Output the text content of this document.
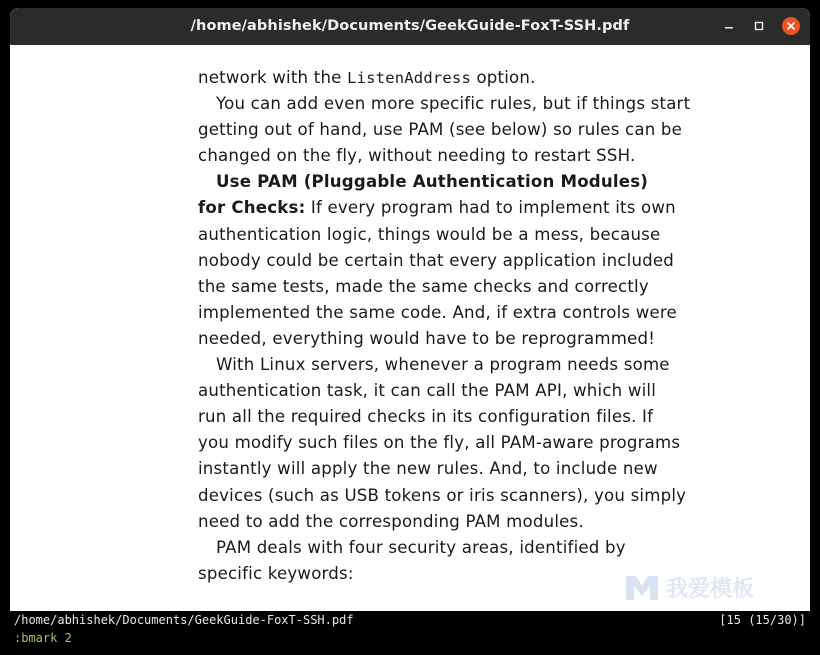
/home/abhishek/Documents/GeekGuide-FoxT-SSH.pdf
network with the ListenAddress option.
You can add even more specific rules, but if things start
getting out of hand, use PAM (see below) so rules can be
changed on the fly, without needing to restart SSH.
Use PAM (Pluggable Authentication Modules)
for Checks: If every program had to implement its own
authentication logic, things would be a mess, because
nobody could be certain that every application included
the same tests, made the same checks and correctly
implemented the same code. And, if extra controls were
needed, everything would have to be reprogrammed!
With Linux servers, whenever a program needs some
authentication task, it can call the PAM API, which will
run all the required checks in its configuration files. If
you modify such files on the fly, all PAM-aware programs
instantly will apply the new rules. And, to include new
devices (such as USB tokens or iris scanners), you simply
need to add the corresponding PAM modules.
PAM deals with four security areas, identified by
specific keywords:
我爱模板
/home/abhishek/Documents/GeekGuide-FoxT-SSH.pdf	[15 (15/30)]
:bmark 2
